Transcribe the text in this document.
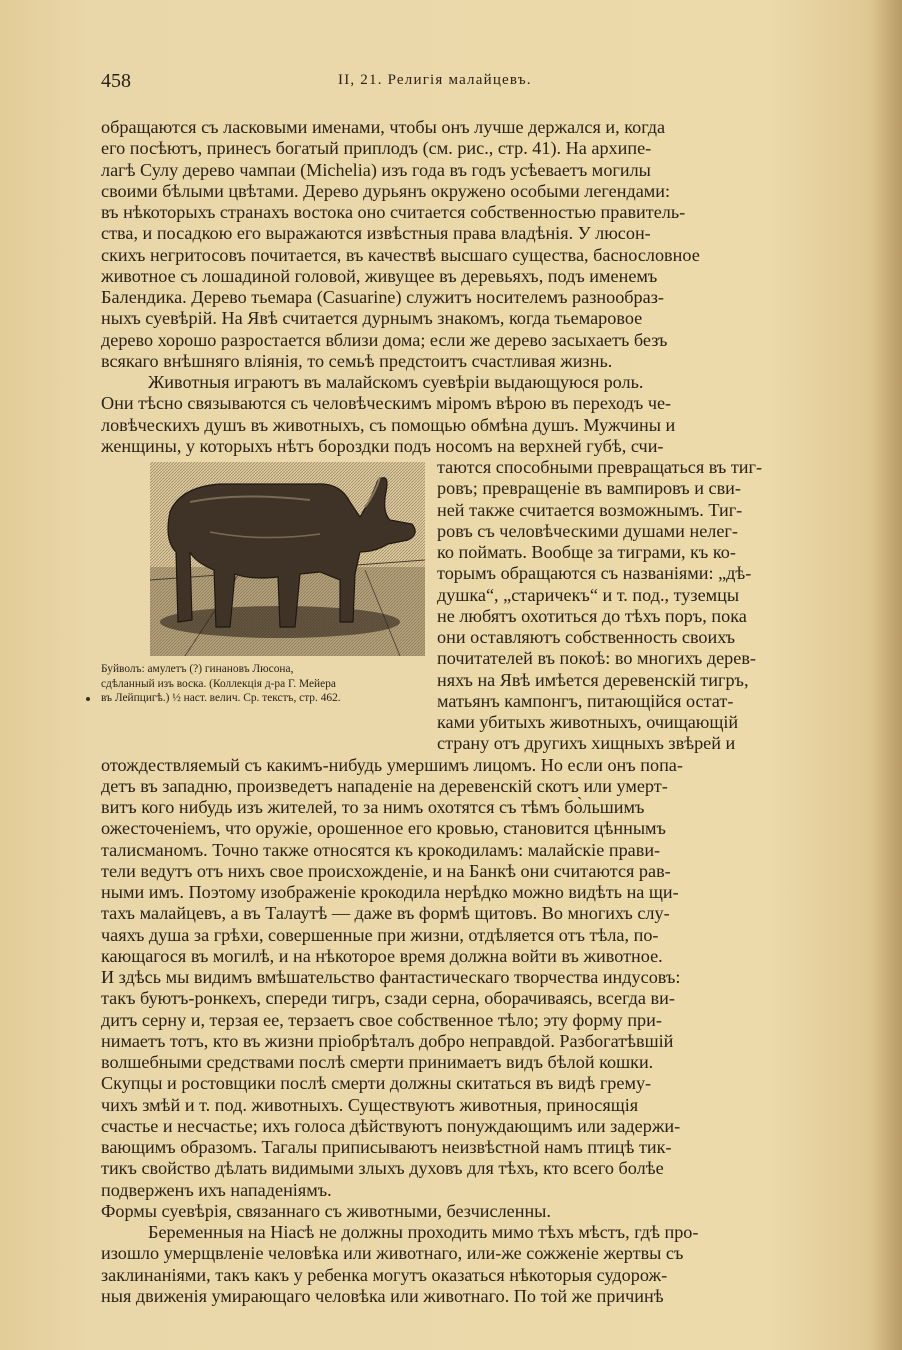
458	II, 21. Религія малайцевъ.
обращаются съ ласковыми именами, чтобы онъ лучше держался и, когда
его посѣютъ, принесъ богатый приплодъ (см. рис., стр. 41). На архипе-
лагѣ Сулу дерево чампаи (Michelia) изъ года въ годъ усѣеваетъ могилы
своими бѣлыми цвѣтами. Дерево дурьянъ окружено особыми легендами:
въ нѣкоторыхъ странахъ востока оно считается собственностью правитель-
ства, и посадкою его выражаются извѣстныя права владѣнія. У люсон-
скихъ негритосовъ почитается, въ качествѣ высшаго существа, баснословное
животное съ лошадиной головой, живущее въ деревьяхъ, подъ именемъ
Балендика. Дерево тьемара (Casuarine) служитъ носителемъ разнообраз-
ныхъ суевѣрій. На Явѣ считается дурнымъ знакомъ, когда тьемаровое
дерево хорошо разростается вблизи дома; если же дерево засыхаетъ безъ
всякаго внѣшняго вліянія, то семьѣ предстоитъ счастливая жизнь.
Животныя играютъ въ малайскомъ суевѣріи выдающуюся роль.
Они тѣсно связываются съ человѣческимъ міромъ вѣрою въ переходъ че-
ловѣческихъ душъ въ животныхъ, съ помощью обмѣна душъ. Мужчины и
женщины, у которыхъ нѣтъ бороздки подъ носомъ на верхней губѣ, счи-
таются способными превращаться въ тиг-
ровъ; превращеніе въ вампировъ и сви-
ней также считается возможнымъ. Тиг-
ровъ съ человѣческими душами нелег-
ко поймать. Вообще за тиграми, къ ко-
торымъ обращаются съ названіями: „дѣ-
душка“, „старичекъ“ и т. под., туземцы
не любятъ охотиться до тѣхъ поръ, пока
они оставляютъ собственность своихъ
почитателей въ покоѣ: во многихъ дерев-
няхъ на Явѣ имѣется деревенскій тигръ,
матьянъ кампонгъ, питающійся остат-
ками убитыхъ животныхъ, очищающій
страну отъ другихъ хищныхъ звѣрей и
отождествляемый съ какимъ-нибудь умершимъ лицомъ. Но если онъ попа-
детъ въ западню, произведетъ нападеніе на деревенскій скотъ или умерт-
витъ кого нибудь изъ жителей, то за нимъ охотятся съ тѣмъ бо̀льшимъ
ожесточеніемъ, что оружіе, орошенное его кровью, становится цѣннымъ
талисманомъ. Точно также относятся къ крокодиламъ: малайскіе прави-
тели ведутъ отъ нихъ свое происхожденіе, и на Банкѣ они считаются рав-
ными имъ. Поэтому изображеніе крокодила нерѣдко можно видѣть на щи-
тахъ малайцевъ, а въ Талаутѣ — даже въ формѣ щитовъ. Во многихъ слу-
чаяхъ душа за грѣхи, совершенные при жизни, отдѣляется отъ тѣла, по-
кающагося въ могилѣ, и на нѣкоторое время должна войти въ животное.
И здѣсь мы видимъ вмѣшательство фантастическаго творчества индусовъ:
такъ буютъ-ронкехъ, спереди тигръ, сзади серна, оборачиваясь, всегда ви-
дитъ серну и, терзая ее, терзаетъ свое собственное тѣло; эту форму при-
нимаетъ тотъ, кто въ жизни пріобрѣталъ добро неправдой. Разбогатѣвшій
волшебными средствами послѣ смерти принимаетъ видъ бѣлой кошки.
Скупцы и ростовщики послѣ смерти должны скитаться въ видѣ грему-
чихъ змѣй и т. под. животныхъ. Существуютъ животныя, приносящія
счастье и несчастье; ихъ голоса дѣйствуютъ понуждающимъ или задержи-
вающимъ образомъ. Тагалы приписываютъ неизвѣстной намъ птицѣ тик-
тикъ свойство дѣлать видимыми злыхъ духовъ для тѣхъ, кто всего болѣе
подверженъ ихъ нападеніямъ.
Формы суевѣрія, связаннаго съ животными, безчисленны.
Беременныя на Ніасѣ не должны проходить мимо тѣхъ мѣстъ, гдѣ про-
изошло умерщвленіе человѣка или животнаго, или-же сожженіе жертвы съ
заклинаніями, такъ какъ у ребенка могутъ оказаться нѣкоторыя судорож-
ныя движенія умирающаго человѣка или животнаго. По той же причинѣ
Буйволъ: амулетъ (?) гинановъ Люсона,
сдѣланный изъ воска. (Коллекція д-ра Г. Мейера
въ Лейпцигѣ.) ½ наст. велич. Ср. текстъ, стр. 462.
